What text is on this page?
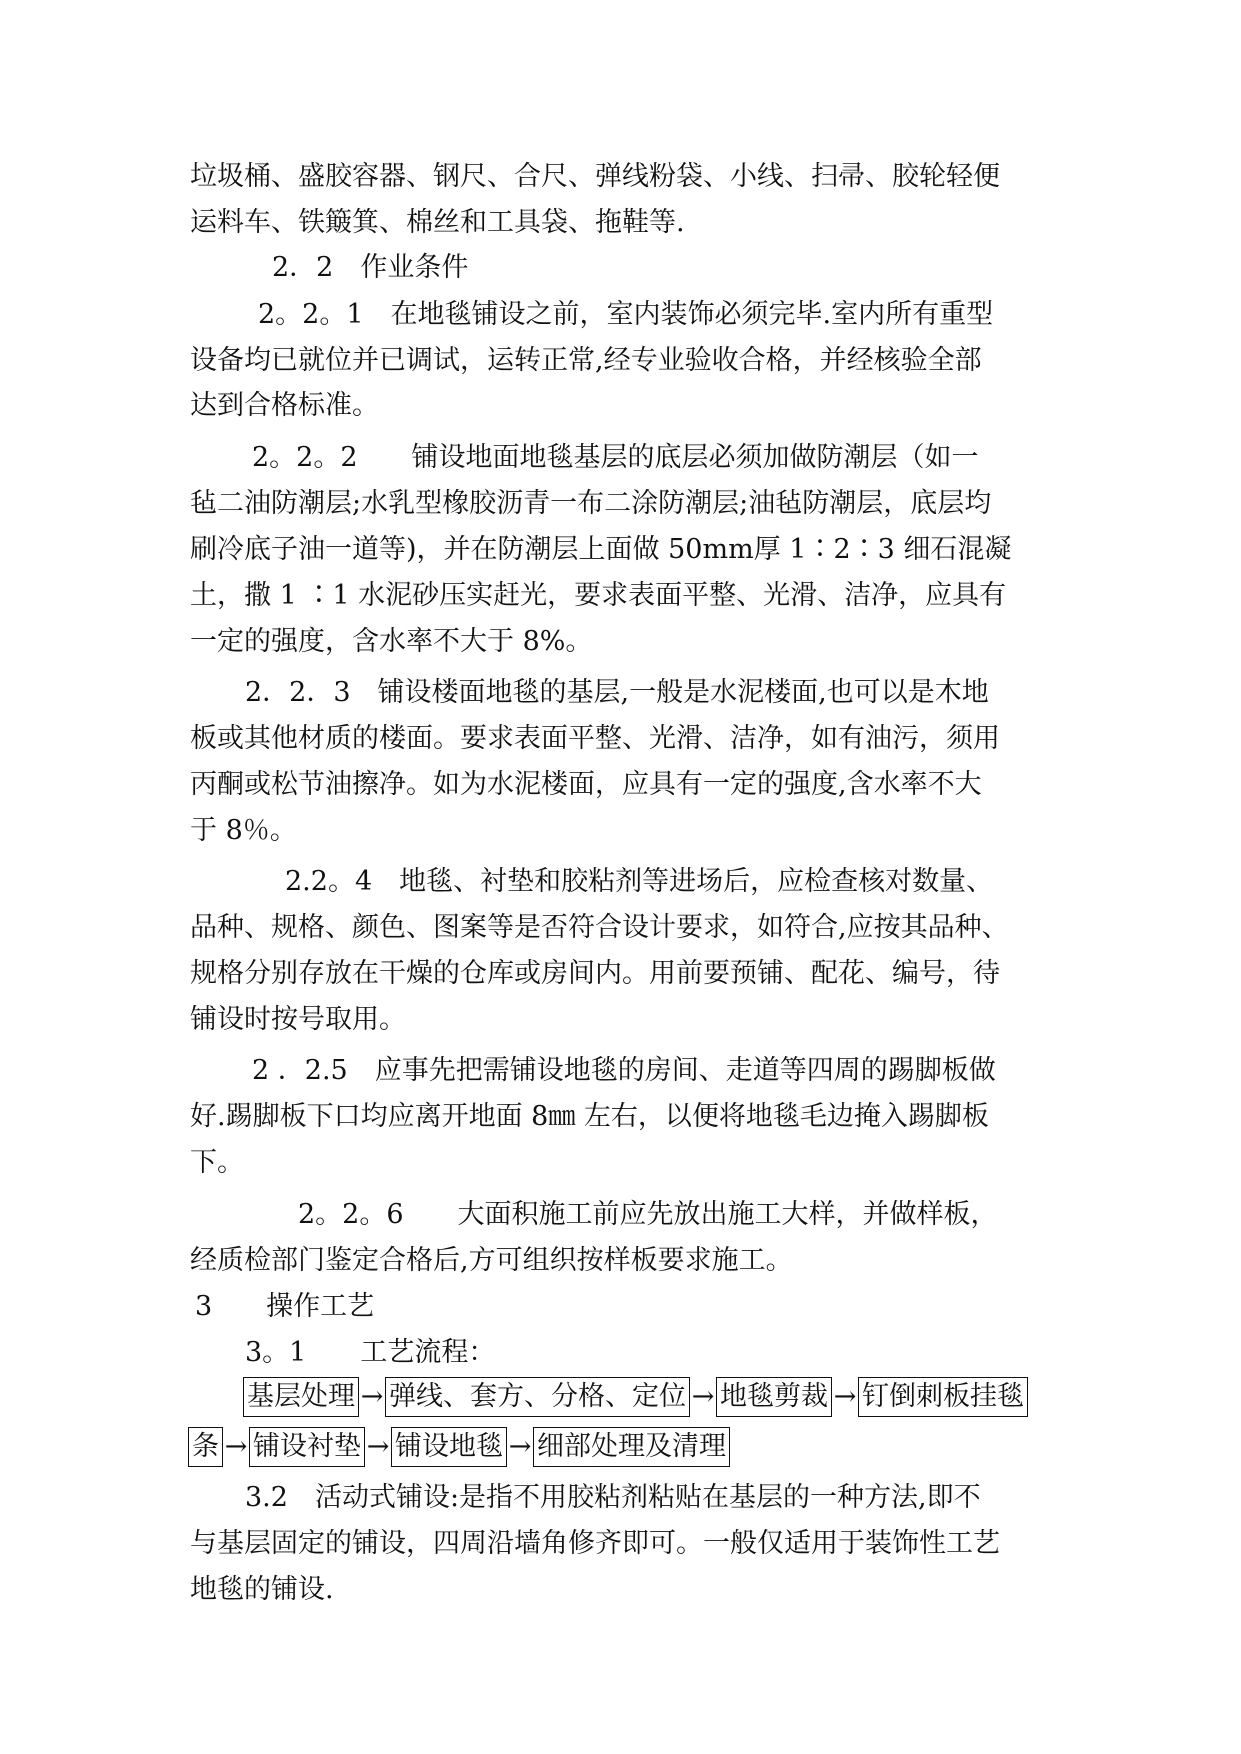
垃圾桶、盛胶容器、钢尺、合尺、弹线粉袋、小线、扫帚、胶轮轻便
运料车、铁簸箕、棉丝和工具袋、拖鞋等.
2．2　作业条件
2。2。1　在地毯铺设之前，室内装饰必须完毕.室内所有重型
设备均已就位并已调试，运转正常,经专业验收合格，并经核验全部
达到合格标准。
2。2。2　　铺设地面地毯基层的底层必须加做防潮层（如一
毡二油防潮层;水乳型橡胶沥青一布二涂防潮层;油毡防潮层，底层均
刷冷底子油一道等)，并在防潮层上面做 50mm厚 1∶2∶3 细石混凝
土，撒 1 ∶1 水泥砂压实赶光，要求表面平整、光滑、洁净，应具有
一定的强度，含水率不大于 8%。
2．2．3　铺设楼面地毯的基层,一般是水泥楼面,也可以是木地
板或其他材质的楼面。要求表面平整、光滑、洁净，如有油污，须用
丙酮或松节油擦净。如为水泥楼面，应具有一定的强度,含水率不大
于 8％。
2.2。4　地毯、衬垫和胶粘剂等进场后，应检查核对数量、
品种、规格、颜色、图案等是否符合设计要求，如符合,应按其品种、
规格分别存放在干燥的仓库或房间内。用前要预铺、配花、编号，待
铺设时按号取用。
2 ．2.5　应事先把需铺设地毯的房间、走道等四周的踢脚板做
好.踢脚板下口均应离开地面 8㎜ 左右，以便将地毯毛边掩入踢脚板
下。
2。2。6　　大面积施工前应先放出施工大样，并做样板，
经质检部门鉴定合格后,方可组织按样板要求施工。
3　　操作工艺
3。1　　工艺流程：
基层处理 → 弹线、套方、分格、定位 → 地毯剪裁 → 钉倒刺板挂毯
条 → 铺设衬垫 → 铺设地毯 → 细部处理及清理
3.2　活动式铺设:是指不用胶粘剂粘贴在基层的一种方法,即不
与基层固定的铺设，四周沿墙角修齐即可。一般仅适用于装饰性工艺
地毯的铺设.
